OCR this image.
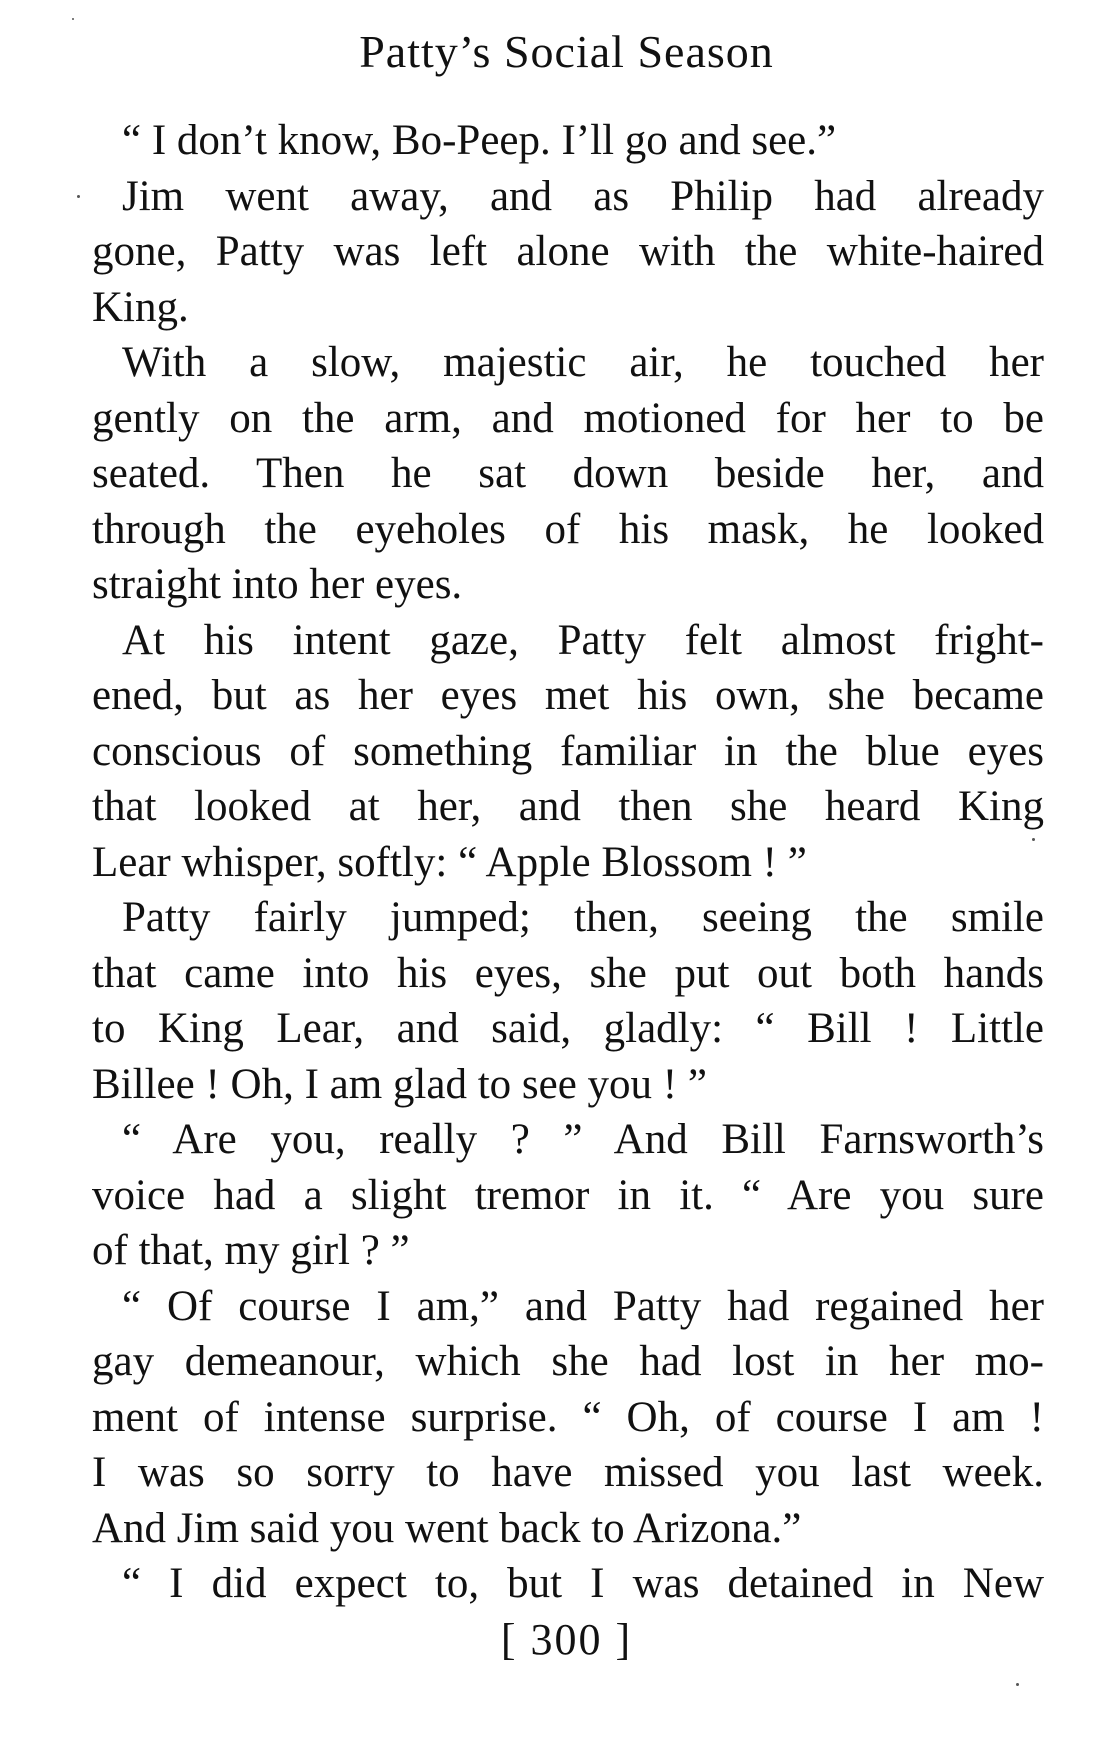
Patty’s Social Season
“ I don’t know, Bo-Peep. I’ll go and see.”
Jim went away, and as Philip had already
gone, Patty was left alone with the white-haired
King.
With a slow, majestic air, he touched her
gently on the arm, and motioned for her to be
seated. Then he sat down beside her, and
through the eyeholes of his mask, he looked
straight into her eyes.
At his intent gaze, Patty felt almost fright-
ened, but as her eyes met his own, she became
conscious of something familiar in the blue eyes
that looked at her, and then she heard King
Lear whisper, softly: “ Apple Blossom ! ”
Patty fairly jumped; then, seeing the smile
that came into his eyes, she put out both hands
to King Lear, and said, gladly: “ Bill ! Little
Billee ! Oh, I am glad to see you ! ”
“ Are you, really ? ” And Bill Farnsworth’s
voice had a slight tremor in it. “ Are you sure
of that, my girl ? ”
“ Of course I am,” and Patty had regained her
gay demeanour, which she had lost in her mo-
ment of intense surprise. “ Oh, of course I am !
I was so sorry to have missed you last week.
And Jim said you went back to Arizona.”
“ I did expect to, but I was detained in New
[ 300 ]
